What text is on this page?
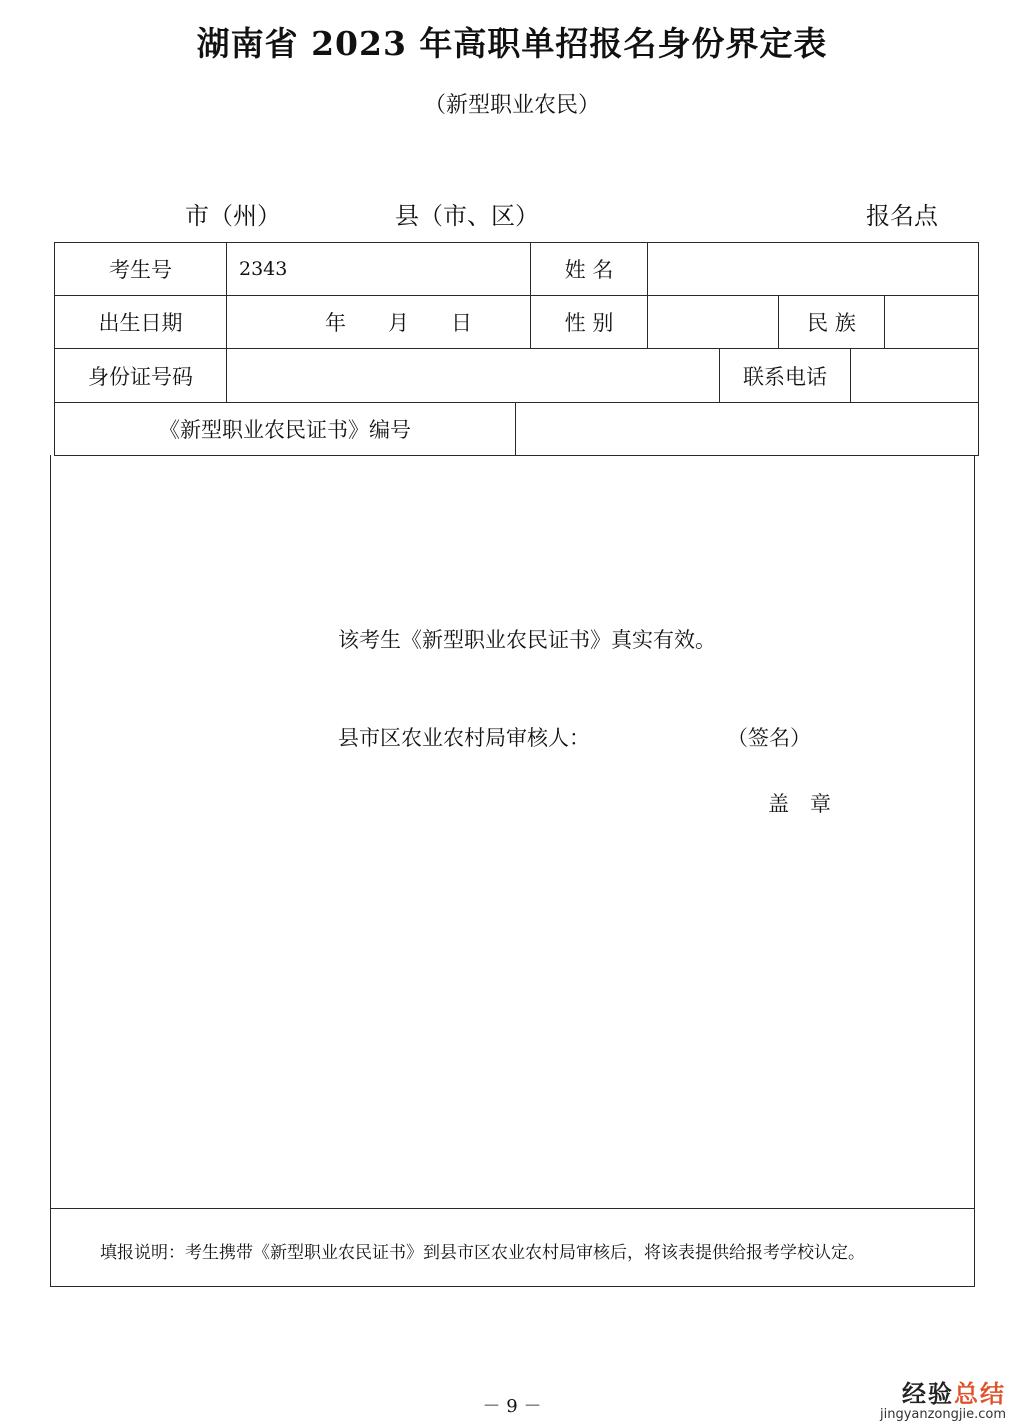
湖南省 2023 年高职单招报名身份界定表
（新型职业农民）
市（州）	县（市、区）	报名点
考生号	2343	姓 名
出生日期	年　　月　　日	性 别	民 族
身份证号码	联系电话
《新型职业农民证书》编号
该考生《新型职业农民证书》真实有效。
县市区农业农村局审核人：	（签名）
盖　章
填报说明：考生携带《新型职业农民证书》到县市区农业农村局审核后，将该表提供给报考学校认定。
－ 9 －	经验总结
jingyanzongjie.com
